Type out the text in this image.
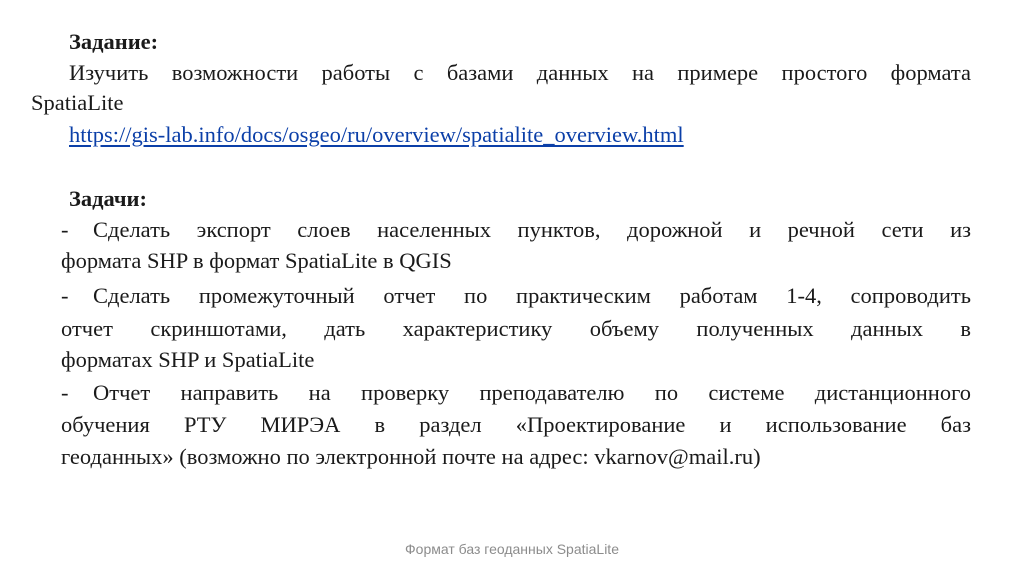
Задание:
Изучить возможности работы с базами данных на примере простого формата
SpatiaLite
https://gis-lab.info/docs/osgeo/ru/overview/spatialite_overview.html
Задачи:
- Сделать экспорт слоев населенных пунктов, дорожной и речной сети из
формата SHP в формат SpatiaLite в QGIS
- Сделать промежуточный отчет по практическим работам 1-4, сопроводить
отчет скриншотами, дать характеристику объему полученных данных в
форматах SHP и SpatiaLite
- Отчет направить на проверку преподавателю по системе дистанционного
обучения РТУ МИРЭА в раздел «Проектирование и использование баз
геоданных» (возможно по электронной почте на адрес: vkarnov@mail.ru)
Формат баз геоданных SpatiaLite
